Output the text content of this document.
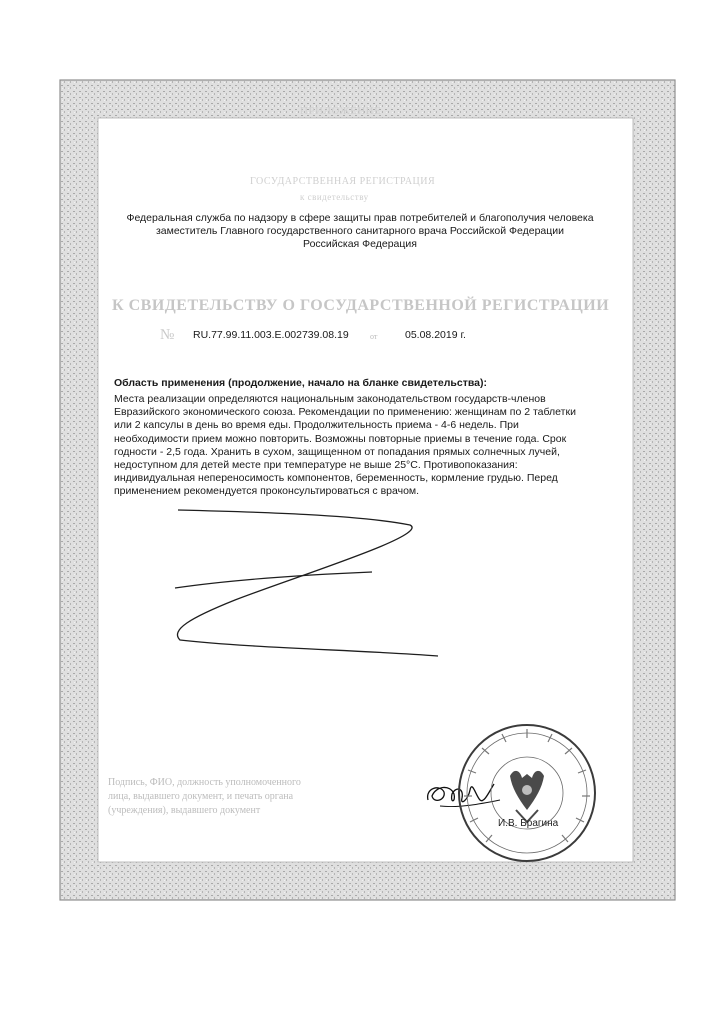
ПРИЛОЖЕНИЕ
ГОСУДАРСТВЕННАЯ РЕГИСТРАЦИЯ
к свидетельству
Федеральная служба по надзору в сфере защиты прав потребителей и благополучия человека
заместитель Главного государственного санитарного врача Российской Федерации
Российская Федерация
К СВИДЕТЕЛЬСТВУ О ГОСУДАРСТВЕННОЙ РЕГИСТРАЦИИ
№ RU.77.99.11.003.E.002739.08.19	от	05.08.2019 г.
Область применения (продолжение, начало на бланке свидетельства):
Места реализации определяются национальным законодательством государств-членов
Евразийского экономического союза. Рекомендации по применению: женщинам по 2 таблетки
или 2 капсулы в день во время еды. Продолжительность приема - 4-6 недель. При
необходимости прием можно повторить. Возможны повторные приемы в течение года. Срок
годности - 2,5 года. Хранить в сухом, защищенном от попадания прямых солнечных лучей,
недоступном для детей месте при температуре не выше 25°С. Противопоказания:
индивидуальная непереносимость компонентов, беременность, кормление грудью. Перед
применением рекомендуется проконсультироваться с врачом.
Подпись, ФИО, должность уполномоченного
лица, выдавшего документ, и печать органа
(учреждения), выдавшего документ
И.В. Брагина
